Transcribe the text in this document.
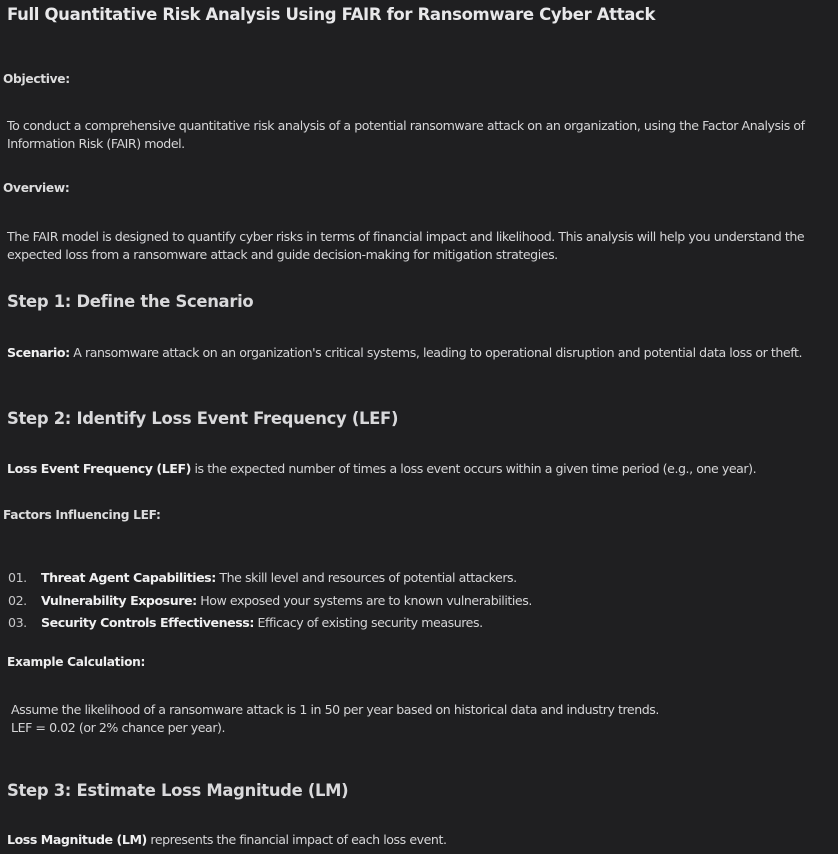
Full Quantitative Risk Analysis Using FAIR for Ransomware Cyber Attack
Objective:
To conduct a comprehensive quantitative risk analysis of a potential ransomware attack on an organization, using the Factor Analysis of Information Risk (FAIR) model.
Overview:
The FAIR model is designed to quantify cyber risks in terms of financial impact and likelihood. This analysis will help you understand the expected loss from a ransomware attack and guide decision-making for mitigation strategies.
Step 1: Define the Scenario
Scenario: A ransomware attack on an organization's critical systems, leading to operational disruption and potential data loss or theft.
Step 2: Identify Loss Event Frequency (LEF)
Loss Event Frequency (LEF) is the expected number of times a loss event occurs within a given time period (e.g., one year).
Factors Influencing LEF:
01. Threat Agent Capabilities: The skill level and resources of potential attackers.
02. Vulnerability Exposure: How exposed your systems are to known vulnerabilities.
03. Security Controls Effectiveness: Efficacy of existing security measures.
Example Calculation:
Assume the likelihood of a ransomware attack is 1 in 50 per year based on historical data and industry trends.
LEF = 0.02 (or 2% chance per year).
Step 3: Estimate Loss Magnitude (LM)
Loss Magnitude (LM) represents the financial impact of each loss event.
